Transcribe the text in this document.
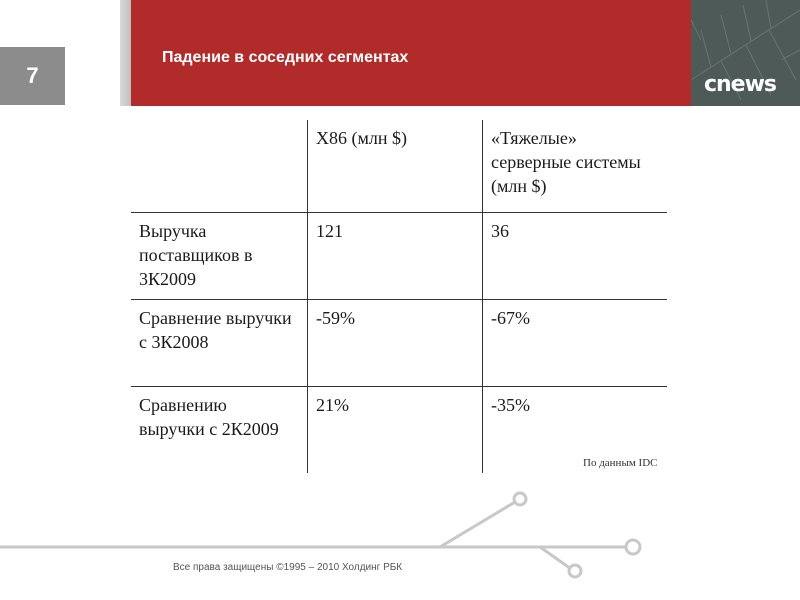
7
Падение в соседних сегментах
cnews
	X86 (млн $)	«Тяжелые» серверные системы (млн $)
Выручка поставщиков в 3К2009	121	36
Сравнение выручки с 3К2008	-59%	-67%
Сравнению выручки с 2К2009	21%	-35%
По данным IDC
Все права защищены ©1995 – 2010 Холдинг РБК
